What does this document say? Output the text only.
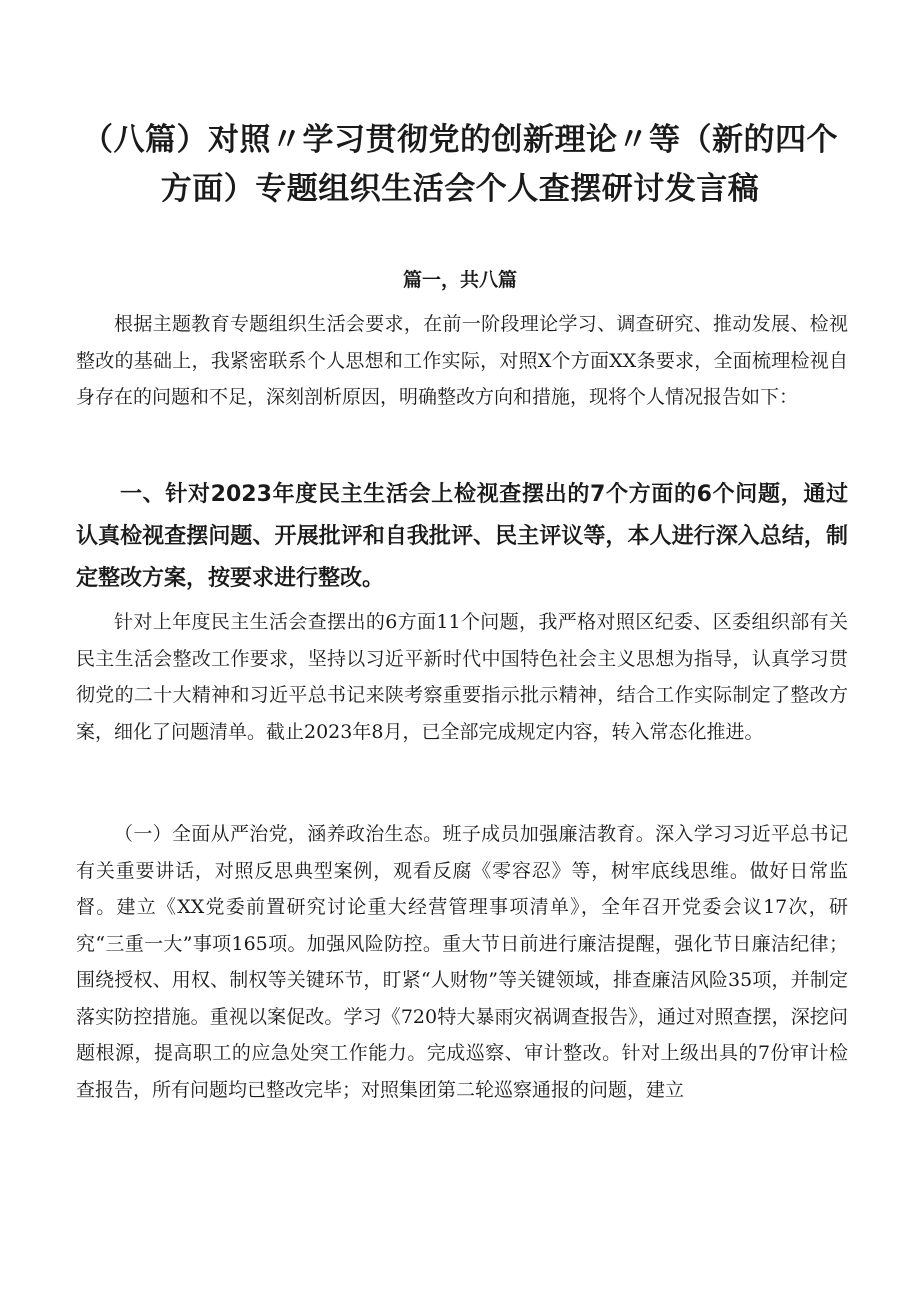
（八篇）对照〃学习贯彻党的创新理论〃等（新的四个方面）专题组织生活会个人查摆研讨发言稿
篇一，共八篇

根据主题教育专题组织生活会要求，在前一阶段理论学习、调查研究、推动发展、检视整改的基础上，我紧密联系个人思想和工作实际，对照X个方面XX条要求，全面梳理检视自身存在的问题和不足，深刻剖析原因，明确整改方向和措施，现将个人情况报告如下：

一、针对2023年度民主生活会上检视查摆出的7个方面的6个问题，通过认真检视查摆问题、开展批评和自我批评、民主评议等，本人进行深入总结，制定整改方案，按要求进行整改。

针对上年度民主生活会查摆出的6方面11个问题，我严格对照区纪委、区委组织部有关民主生活会整改工作要求，坚持以习近平新时代中国特色社会主义思想为指导，认真学习贯彻党的二十大精神和习近平总书记来陕考察重要指示批示精神，结合工作实际制定了整改方案，细化了问题清单。截止2023年8月，已全部完成规定内容，转入常态化推进。

（一）全面从严治党，涵养政治生态。班子成员加强廉洁教育。深入学习习近平总书记有关重要讲话，对照反思典型案例，观看反腐《零容忍》等，树牢底线思维。做好日常监督。建立《XX党委前置研究讨论重大经营管理事项清单》，全年召开党委会议17次，研究“三重一大”事项165项。加强风险防控。重大节日前进行廉洁提醒，强化节日廉洁纪律；围绕授权、用权、制权等关键环节，盯紧“人财物”等关键领域，排查廉洁风险35项，并制定落实防控措施。重视以案促改。学习《720特大暴雨灾祸调查报告》，通过对照查摆，深挖问题根源，提高职工的应急处突工作能力。完成巡察、审计整改。针对上级出具的7份审计检查报告，所有问题均已整改完毕；对照集团第二轮巡察通报的问题，建立
